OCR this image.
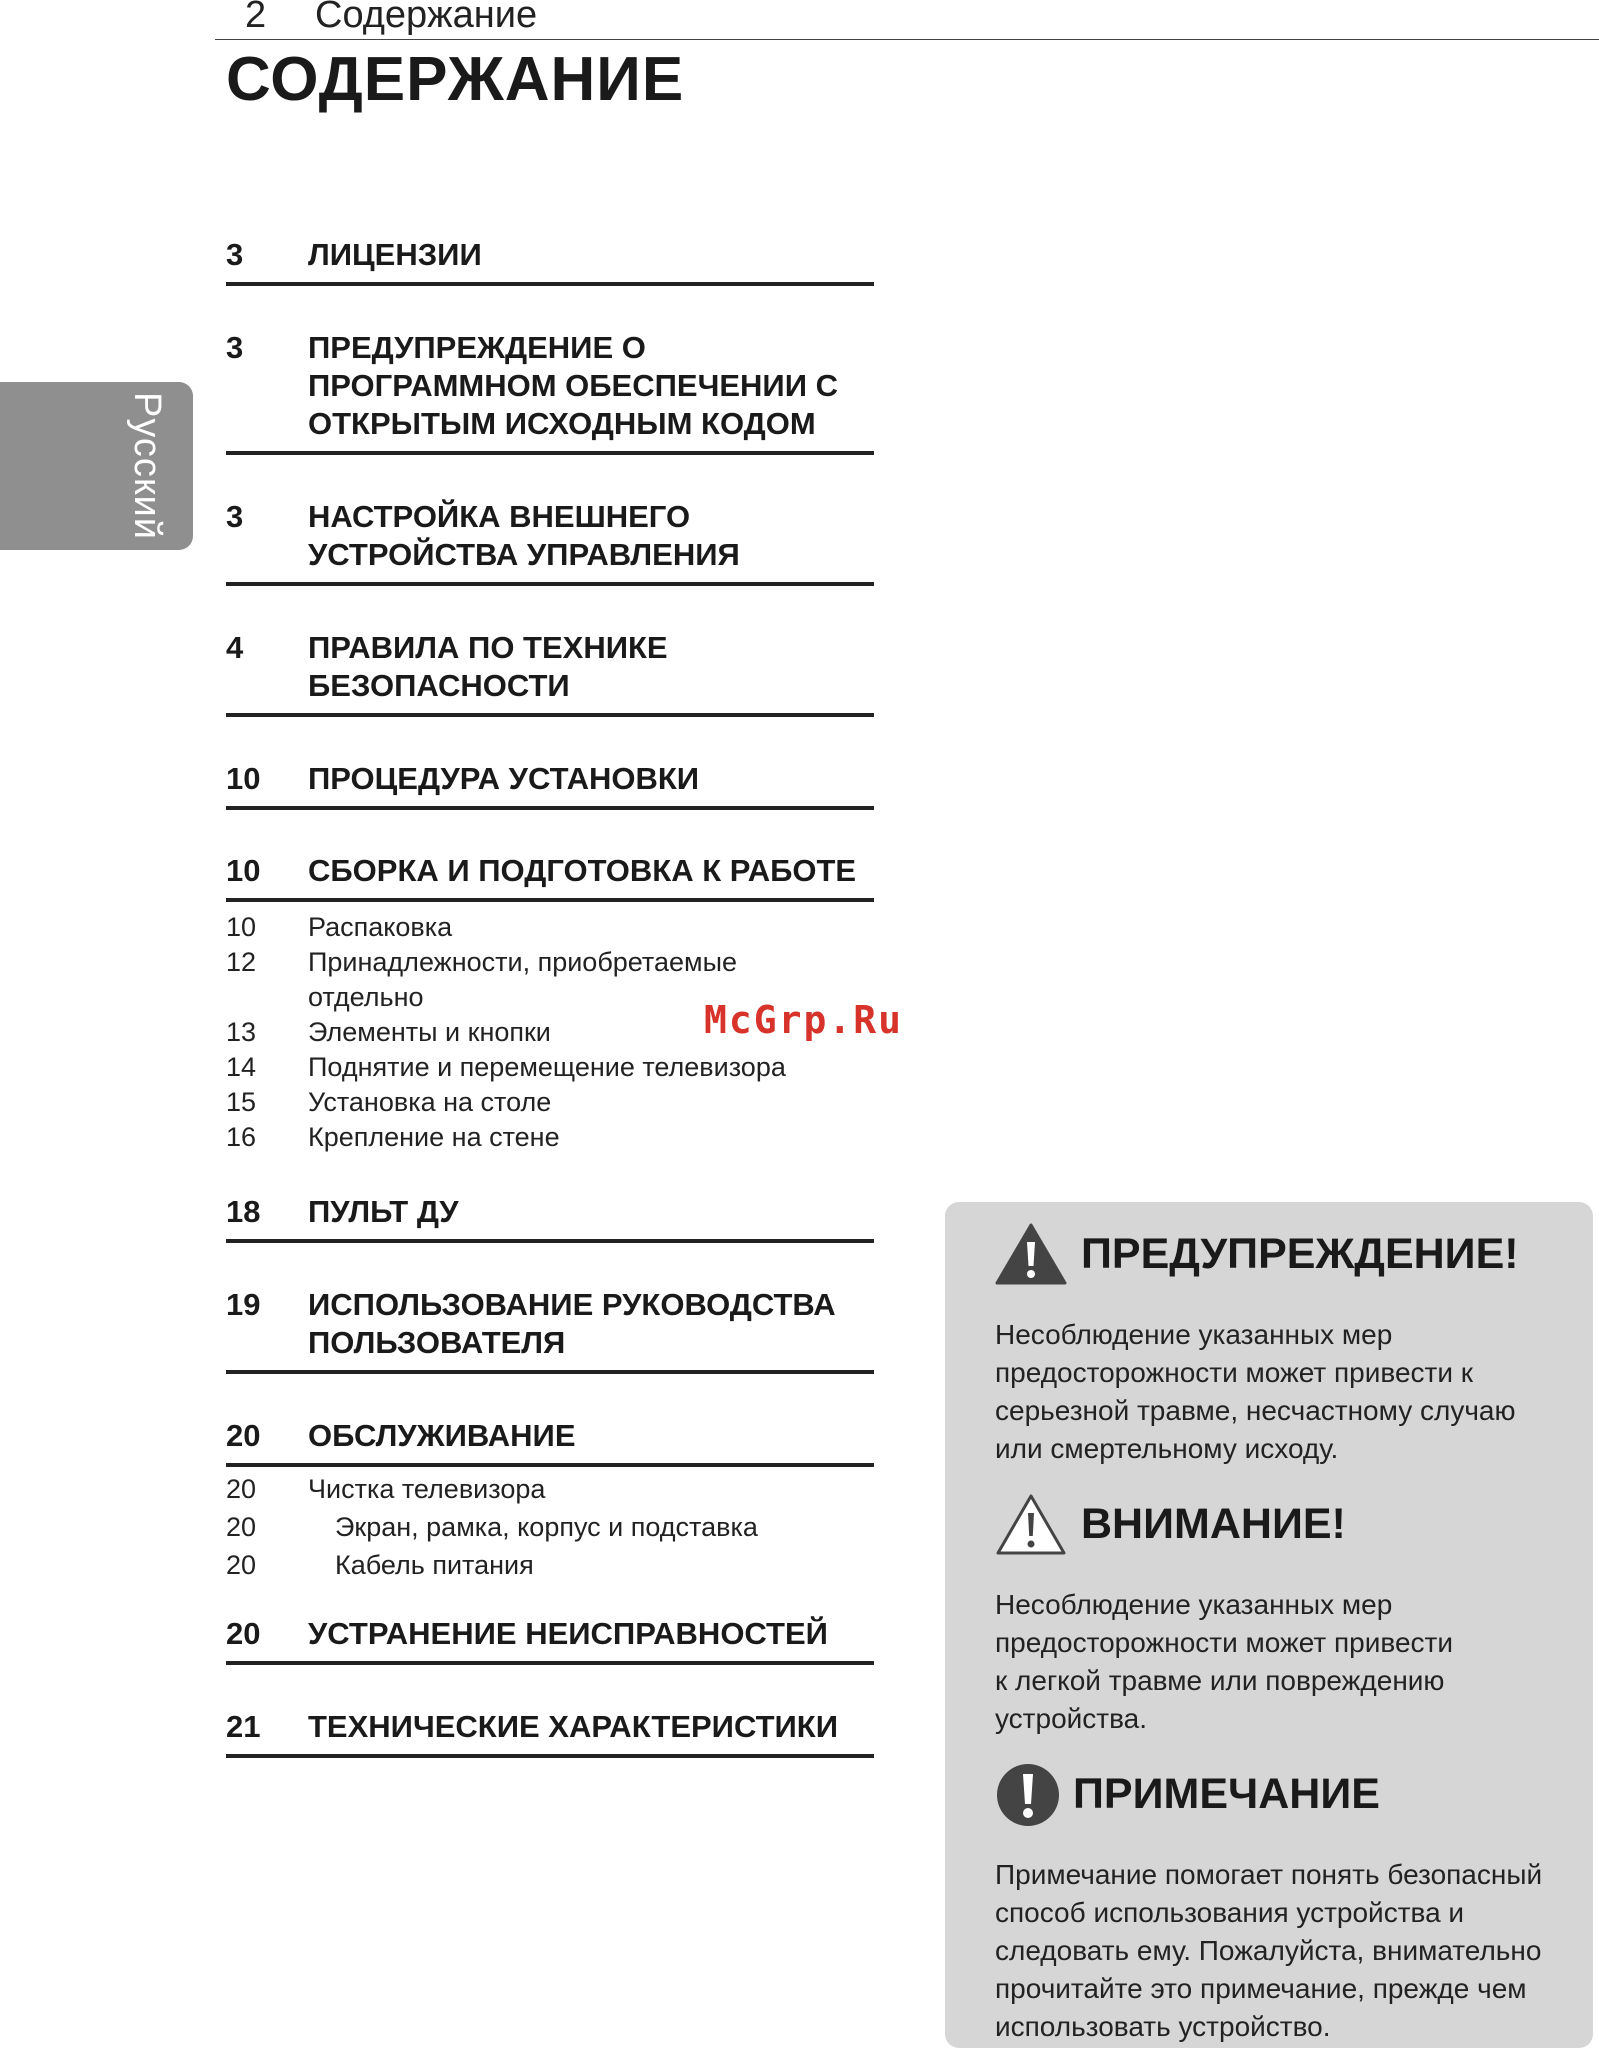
2 Содержание
СОДЕРЖАНИЕ
Русский
3	ЛИЦЕНЗИИ
3	ПРЕДУПРЕЖДЕНИЕ О
ПРОГРАММНОМ ОБЕСПЕЧЕНИИ С
ОТКРЫТЫМ ИСХОДНЫМ КОДОМ
3	НАСТРОЙКА ВНЕШНЕГО
УСТРОЙСТВА УПРАВЛЕНИЯ
4	ПРАВИЛА ПО ТЕХНИКЕ
БЕЗОПАСНОСТИ
10	ПРОЦЕДУРА УСТАНОВКИ
10	СБОРКА И ПОДГОТОВКА К РАБОТЕ
10 Распаковка
12 Принадлежности, приобретаемые
отдельно
13 Элементы и кнопки
14 Поднятие и перемещение телевизора
15 Установка на столе
16 Крепление на стене
18	ПУЛЬТ ДУ
19	ИСПОЛЬЗОВАНИЕ РУКОВОДСТВА
ПОЛЬЗОВАТЕЛЯ
20	ОБСЛУЖИВАНИЕ
20 Чистка телевизора
20	Экран, рамка, корпус и подставка
20	Кабель питания
20	УСТРАНЕНИЕ НЕИСПРАВНОСТЕЙ
21	ТЕХНИЧЕСКИЕ ХАРАКТЕРИСТИКИ
McGrp.Ru
ПРЕДУПРЕЖДЕНИЕ!
Несоблюдение указанных мер
предосторожности может привести к
серьезной травме, несчастному случаю
или смертельному исходу.
ВНИМАНИЕ!
Несоблюдение указанных мер
предосторожности может привести
к легкой травме или повреждению
устройства.
ПРИМЕЧАНИЕ
Примечание помогает понять безопасный
способ использования устройства и
следовать ему. Пожалуйста, внимательно
прочитайте это примечание, прежде чем
использовать устройство.
